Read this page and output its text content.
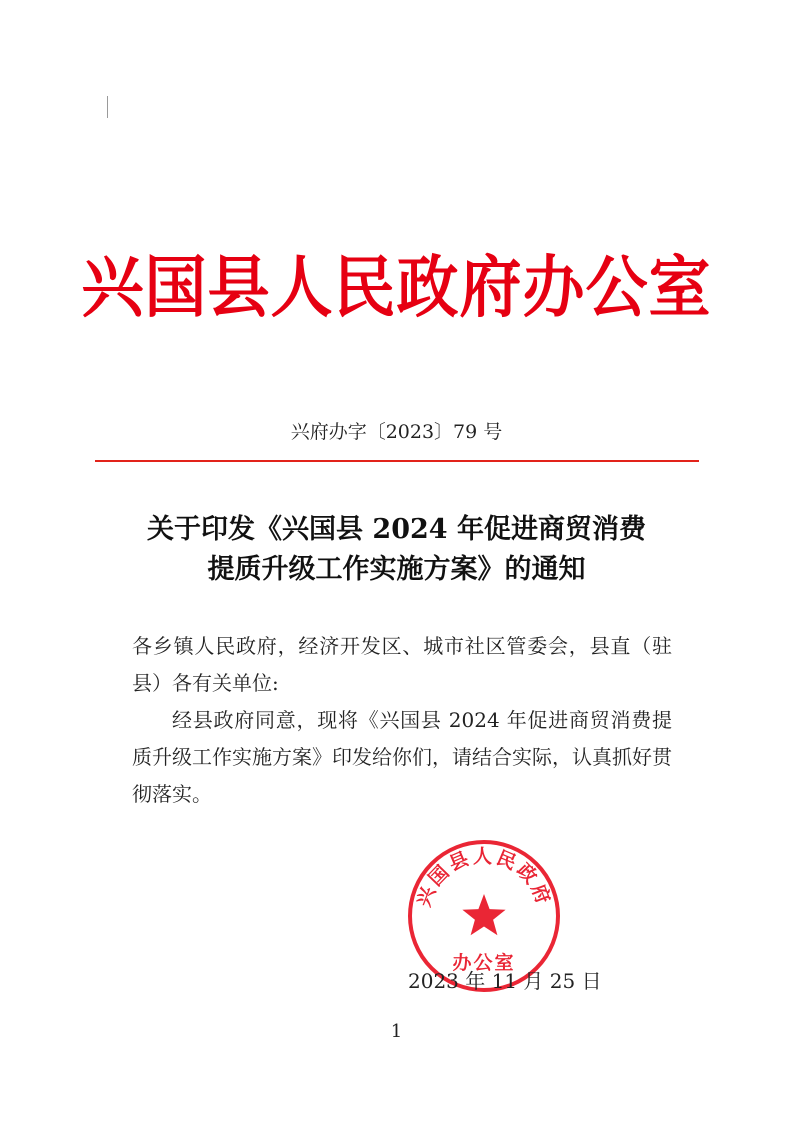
兴国县人民政府办公室
兴府办字〔2023〕79 号
关于印发《兴国县 2024 年促进商贸消费
提质升级工作实施方案》的通知
各乡镇人民政府，经济开发区、城市社区管委会，县直（驻县）各有关单位:
经县政府同意，现将《兴国县 2024 年促进商贸消费提质升级工作实施方案》印发给你们，请结合实际，认真抓好贯彻落实。
兴国县人民政府
办公室
2023 年 11 月 25 日
1
